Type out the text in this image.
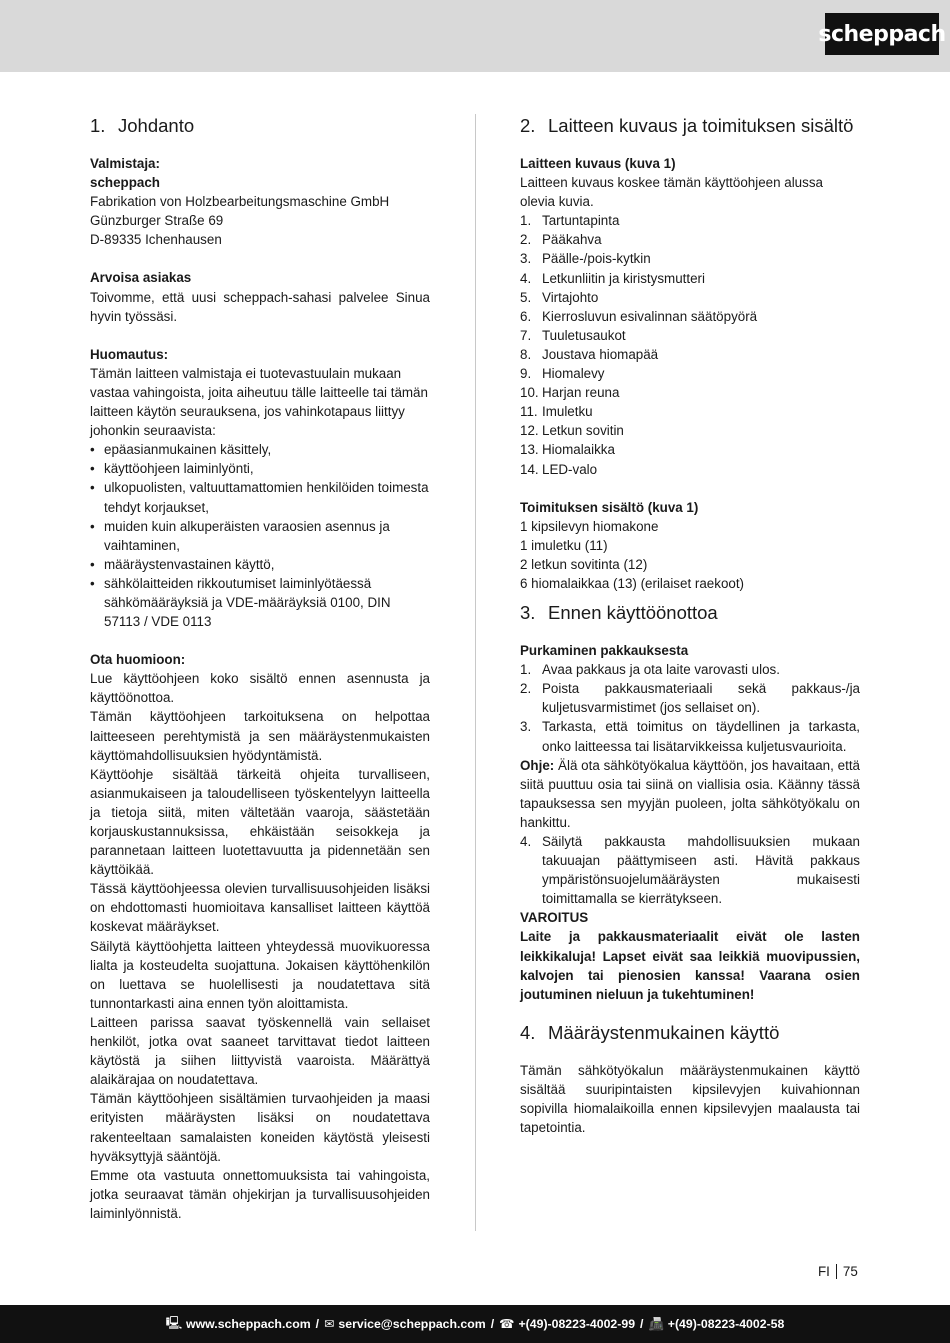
scheppach
1. Johdanto

Valmistaja:

scheppach

Fabrikation von Holzbearbeitungsmaschine GmbH

Günzburger Straße 69

D-89335 Ichenhausen

Arvoisa asiakas

Toivomme, että uusi scheppach-sahasi palvelee Sinua hyvin työssäsi.

Huomautus:

Tämän laitteen valmistaja ei tuotevastuulain mukaan vastaa vahingoista, joita aiheutuu tälle laitteelle tai tämän laitteen käytön seurauksena, jos vahinkotapaus liittyy johonkin seuraavista:

• epäasianmukainen käsittely,
• käyttöohjeen laiminlyönti,
• ulkopuolisten, valtuuttamattomien henkilöiden toimesta tehdyt korjaukset,
• muiden kuin alkuperäisten varaosien asennus ja vaihtaminen,
• määräystenvastainen käyttö,
• sähkölaitteiden rikkoutumiset laiminlyötäessä sähkömääräyksiä ja VDE-määräyksiä 0100, DIN 57113 / VDE 0113

Ota huomioon:

Lue käyttöohjeen koko sisältö ennen asennusta ja käyttöönottoa.

Tämän käyttöohjeen tarkoituksena on helpottaa laitteeseen perehtymistä ja sen määräystenmukaisten käyttömahdollisuuksien hyödyntämistä.

Käyttöohje sisältää tärkeitä ohjeita turvalliseen, asianmukaiseen ja taloudelliseen työskentelyyn laitteella ja tietoja siitä, miten vältetään vaaroja, säästetään korjauskustannuksissa, ehkäistään seisokkeja ja parannetaan laitteen luotettavuutta ja pidennetään sen käyttöikää.

Tässä käyttöohjeessa olevien turvallisuusohjeiden lisäksi on ehdottomasti huomioitava kansalliset laitteen käyttöä koskevat määräykset.

Säilytä käyttöohjetta laitteen yhteydessä muovikuoressa lialta ja kosteudelta suojattuna. Jokaisen käyttöhenkilön on luettava se huolellisesti ja noudatettava sitä tunnontarkasti aina ennen työn aloittamista.

Laitteen parissa saavat työskennellä vain sellaiset henkilöt, jotka ovat saaneet tarvittavat tiedot laitteen käytöstä ja siihen liittyvistä vaaroista. Määrättyä alaikärajaa on noudatettava.

Tämän käyttöohjeen sisältämien turvaohjeiden ja maasi erityisten määräysten lisäksi on noudatettava rakenteeltaan samalaisten koneiden käytöstä yleisesti hyväksyttyjä sääntöjä.

Emme ota vastuuta onnettomuuksista tai vahingoista, jotka seuraavat tämän ohjekirjan ja turvallisuusohjeiden laiminlyönnistä.

2. Laitteen kuvaus ja toimituksen sisältö

Laitteen kuvaus (kuva 1)

Laitteen kuvaus koskee tämän käyttöohjeen alussa olevia kuvia.

1. Tartuntapinta
2. Pääkahva
3. Päälle-/pois-kytkin
4. Letkunliitin ja kiristysmutteri
5. Virtajohto
6. Kierrosluvun esivalinnan säätöpyörä
7. Tuuletusaukot
8. Joustava hiomapää
9. Hiomalevy
10. Harjan reuna
11. Imuletku
12. Letkun sovitin
13. Hiomalaikka
14. LED-valo

Toimituksen sisältö (kuva 1)

1 kipsilevyn hiomakone

1 imuletku (11)

2 letkun sovitinta (12)

6 hiomalaikkaa (13) (erilaiset raekoot)

3. Ennen käyttöönottoa

Purkaminen pakkauksesta

1. Avaa pakkaus ja ota laite varovasti ulos.
2. Poista pakkausmateriaali sekä pakkaus-/ja kuljetusvarmistimet (jos sellaiset on).
3. Tarkasta, että toimitus on täydellinen ja tarkasta, onko laitteessa tai lisätarvikkeissa kuljetusvaurioita.

Ohje: Älä ota sähkötyökalua käyttöön, jos havaitaan, että siitä puuttuu osia tai siinä on viallisia osia. Käänny tässä tapauksessa sen myyjän puoleen, jolta sähkötyökalu on hankittu.

4. Säilytä pakkausta mahdollisuuksien mukaan takuuajan päättymiseen asti. Hävitä pakkaus ympäristönsuojelumääräysten mukaisesti toimittamalla se kierrätykseen.

VAROITUS

Laite ja pakkausmateriaalit eivät ole lasten leikkikaluja! Lapset eivät saa leikkiä muovipussien, kalvojen tai pienosien kanssa! Vaarana osien joutuminen nieluun ja tukehtuminen!

4. Määräystenmukainen käyttö

Tämän sähkötyökalun määräystenmukainen käyttö sisältää suuripintaisten kipsilevyjen kuivahionnan sopivilla hiomalaikoilla ennen kipsilevyjen maalausta tai tapetointia.

FI 75
🖳 www.scheppach.com / ✉ service@scheppach.com / ☎ +(49)-08223-4002-99 / 📠 +(49)-08223-4002-58
